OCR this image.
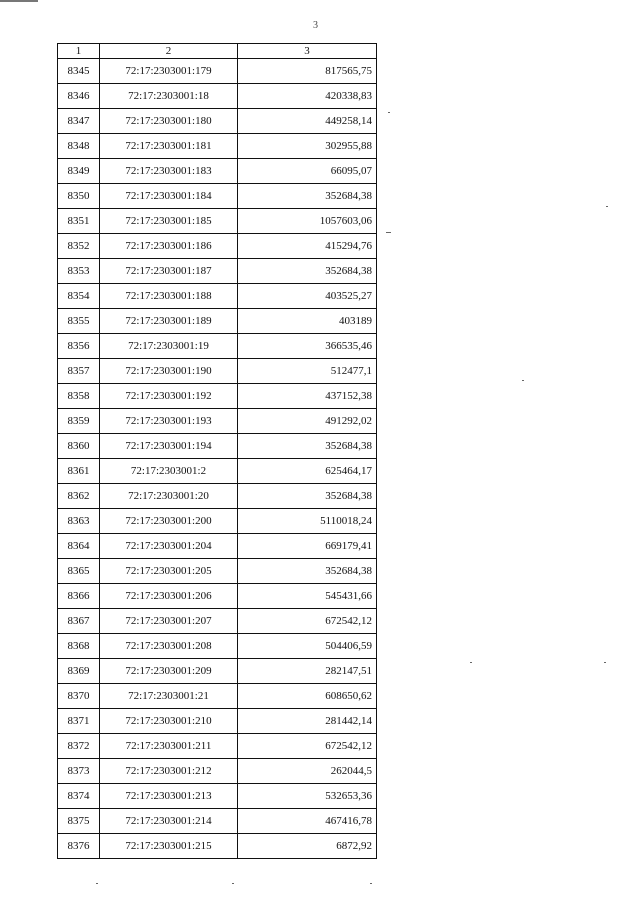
3
1	2	3
8345	72:17:2303001:179	817565,75
8346	72:17:2303001:18	420338,83
8347	72:17:2303001:180	449258,14
8348	72:17:2303001:181	302955,88
8349	72:17:2303001:183	66095,07
8350	72:17:2303001:184	352684,38
8351	72:17:2303001:185	1057603,06
8352	72:17:2303001:186	415294,76
8353	72:17:2303001:187	352684,38
8354	72:17:2303001:188	403525,27
8355	72:17:2303001:189	403189
8356	72:17:2303001:19	366535,46
8357	72:17:2303001:190	512477,1
8358	72:17:2303001:192	437152,38
8359	72:17:2303001:193	491292,02
8360	72:17:2303001:194	352684,38
8361	72:17:2303001:2	625464,17
8362	72:17:2303001:20	352684,38
8363	72:17:2303001:200	5110018,24
8364	72:17:2303001:204	669179,41
8365	72:17:2303001:205	352684,38
8366	72:17:2303001:206	545431,66
8367	72:17:2303001:207	672542,12
8368	72:17:2303001:208	504406,59
8369	72:17:2303001:209	282147,51
8370	72:17:2303001:21	608650,62
8371	72:17:2303001:210	281442,14
8372	72:17:2303001:211	672542,12
8373	72:17:2303001:212	262044,5
8374	72:17:2303001:213	532653,36
8375	72:17:2303001:214	467416,78
8376	72:17:2303001:215	6872,92
